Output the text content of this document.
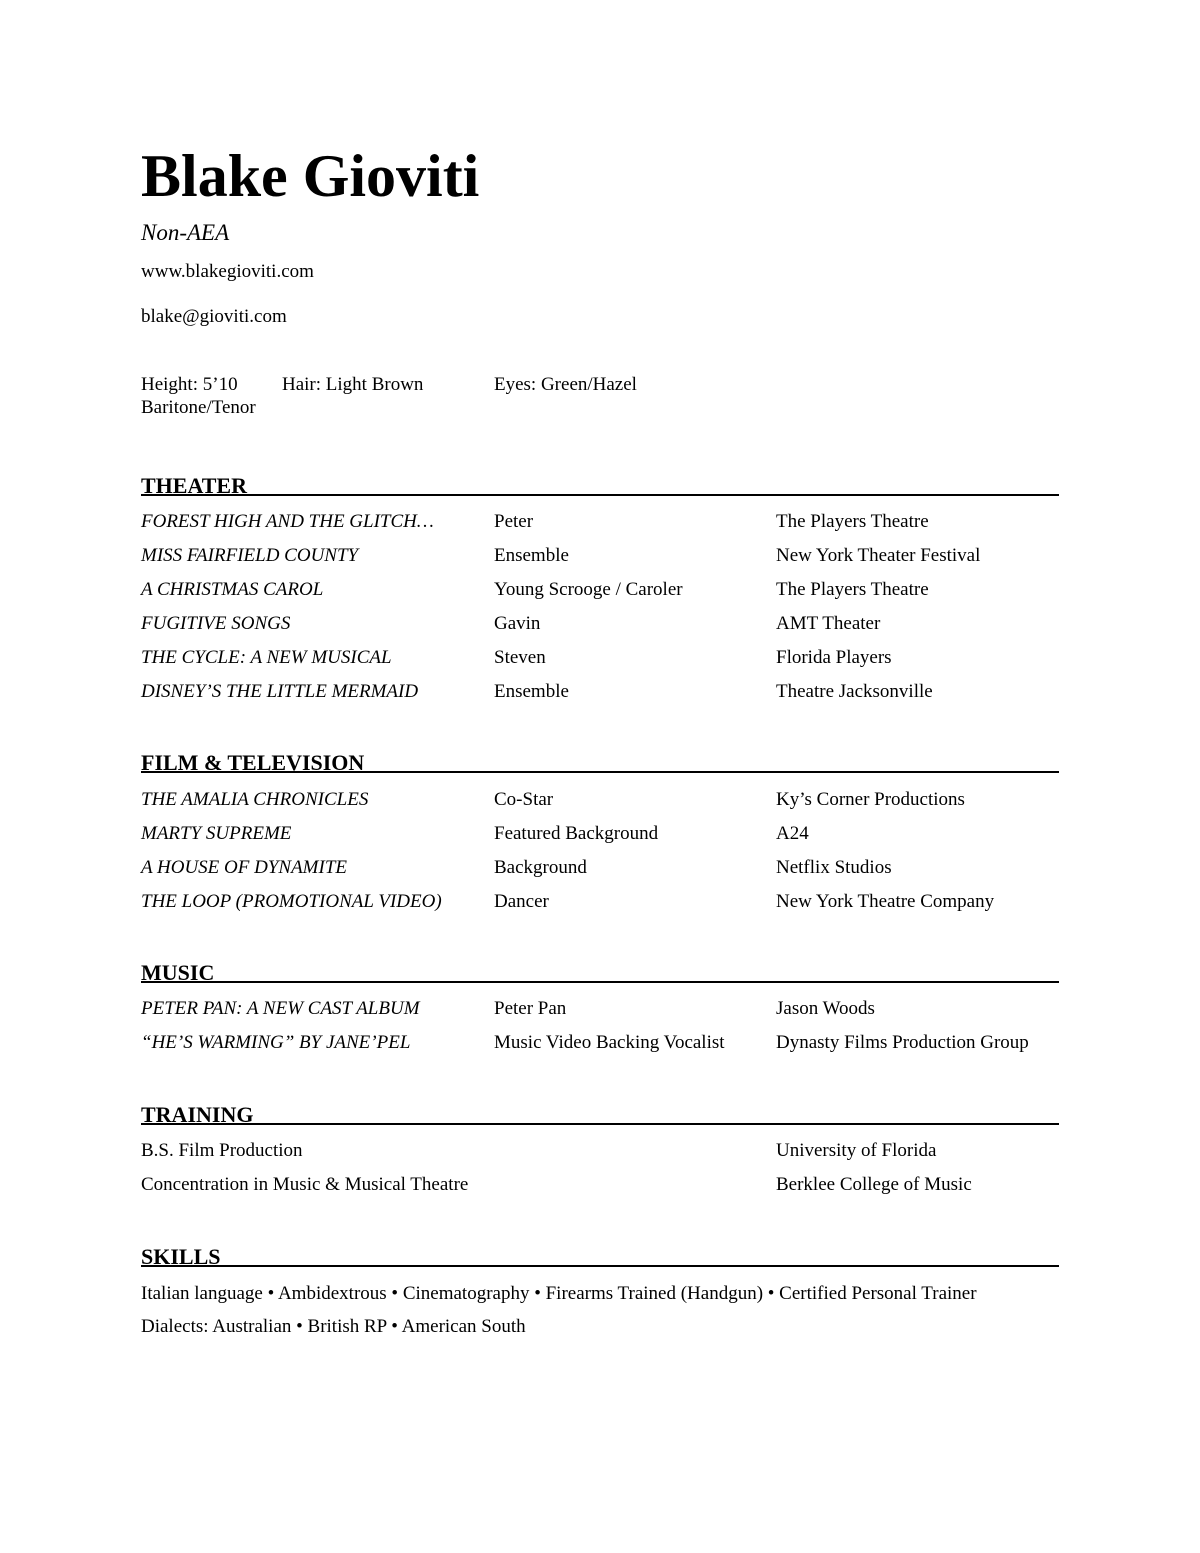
Blake Gioviti
Non-AEA
www.blakegioviti.com
blake@gioviti.com
Height: 5’10 Hair: Light Brown	Eyes: Green/Hazel
Baritone/Tenor
THEATER
FOREST HIGH AND THE GLITCH…	Peter	The Players Theatre
MISS FAIRFIELD COUNTY	Ensemble	New York Theater Festival
A CHRISTMAS CAROL	Young Scrooge / Caroler	The Players Theatre
FUGITIVE SONGS	Gavin	AMT Theater
THE CYCLE: A NEW MUSICAL	Steven	Florida Players
DISNEY’S THE LITTLE MERMAID	Ensemble	Theatre Jacksonville
FILM & TELEVISION
THE AMALIA CHRONICLES	Co-Star	Ky’s Corner Productions
MARTY SUPREME	Featured Background	A24
A HOUSE OF DYNAMITE	Background	Netflix Studios
THE LOOP (PROMOTIONAL VIDEO)	Dancer	New York Theatre Company
MUSIC
PETER PAN: A NEW CAST ALBUM	Peter Pan	Jason Woods
“HE’S WARMING” BY JANE’PEL	Music Video Backing Vocalist	Dynasty Films Production Group
TRAINING
B.S. Film Production	University of Florida
Concentration in Music & Musical Theatre	Berklee College of Music
SKILLS
Italian language • Ambidextrous • Cinematography • Firearms Trained (Handgun) • Certified Personal Trainer
Dialects: Australian • British RP • American South
